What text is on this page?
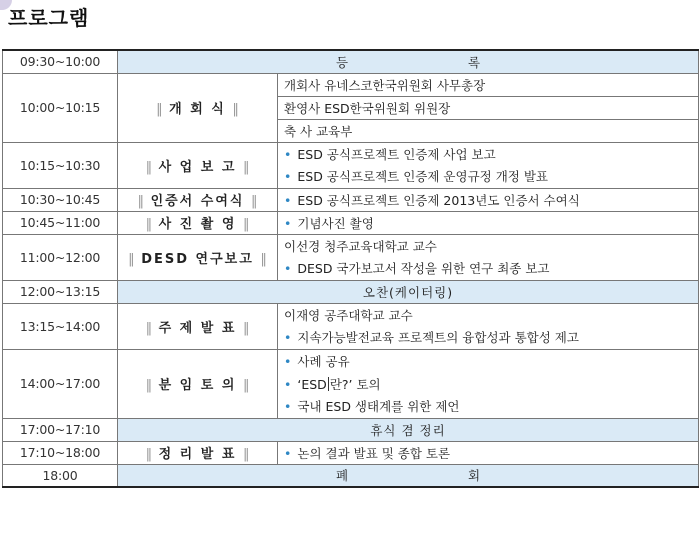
프로그램
09:30~10:00	등 록	
10:00~10:15	‖ 개 회 식 ‖	개회사 유네스코한국위원회 사무총장
		환영사 ESD한국위원회 위원장
		축 사 교육부
10:15~10:30	‖ 사 업 보 고 ‖	• ESD 공식프로젝트 인증제 사업 보고
		• ESD 공식프로젝트 인증제 운영규정 개정 발표
10:30~10:45	‖ 인증서 수여식 ‖	• ESD 공식프로젝트 인증제 2013년도 인증서 수여식
10:45~11:00	‖ 사 진 촬 영 ‖	• 기념사진 촬영
11:00~12:00	‖ DESD 연구보고 ‖	이선경 청주교육대학교 교수
		• DESD 국가보고서 작성을 위한 연구 최종 보고
12:00~13:15	오찬(케이터링)	
13:15~14:00	‖ 주 제 발 표 ‖	이재영 공주대학교 교수
		• 지속가능발전교육 프로젝트의 융합성과 통합성 제고
14:00~17:00	‖ 분 임 토 의 ‖	• 사례 공유
		• ‘ESD 란?’ 토의
		• 국내 ESD 생태계를 위한 제언
17:00~17:10	휴식 겸 정리	
17:10~18:00	‖ 정 리 발 표 ‖	• 논의 결과 발표 및 종합 토론
18:00	폐 회	
